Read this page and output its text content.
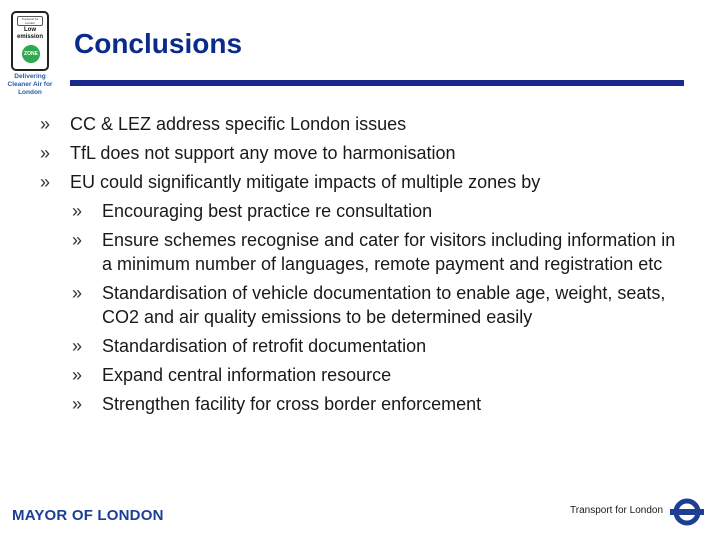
Transport for London
Low emission
ZONE
Delivering Cleaner Air for London
Conclusions
» CC & LEZ address specific London issues
» TfL does not support any move to harmonisation
» EU could significantly mitigate impacts of multiple zones by
» Encouraging best practice re consultation
» Ensure schemes recognise and cater for visitors including information in a minimum number of languages, remote payment and registration etc
» Standardisation of vehicle documentation to enable age, weight, seats, CO2 and air quality emissions to be determined easily
» Standardisation of retrofit documentation
» Expand central information resource
» Strengthen facility for cross border enforcement
MAYOR OF LONDON	Transport for London
